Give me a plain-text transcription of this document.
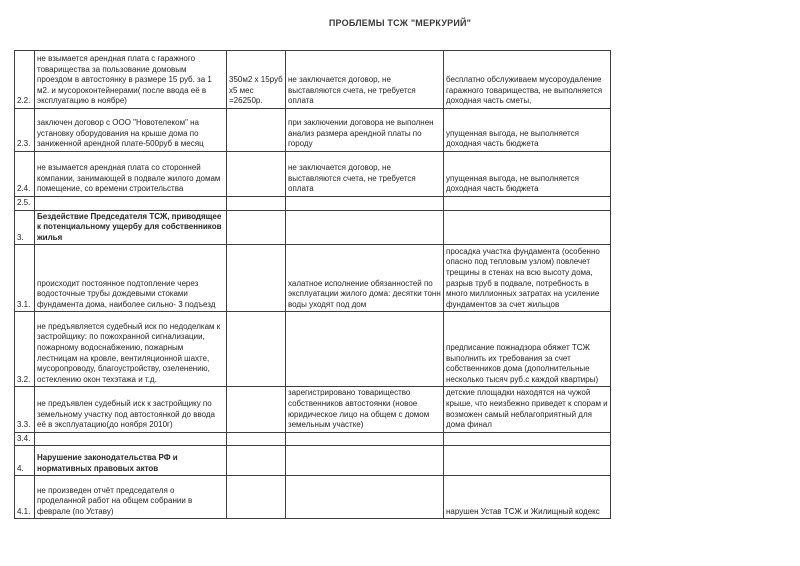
ПРОБЛЕМЫ ТСЖ "МЕРКУРИЙ"
2.2.	не взымается арендная плата с гаражного товарищества за пользование домовым проездом в автостоянку в размере 15 руб. за 1 м2. и мусороконтейнерами( после ввода её в эксплуатацию в ноябре)	350м2 х 15руб х5 мес =26250р.	не заключается договор, не выставляются счета, не требуется оплата	бесплатно обслуживаем мусороудаление гаражного товарищества, не выполняется доходная часть сметы,
2.3.	заключен договор с ООО "Новотелеком" на установку оборудования на крыше дома по заниженной арендной плате-500руб в месяц		при заключении договора не выполнен анализ размера арендной платы по городу	упущенная выгода, не выполняется доходная часть бюджета
2.4.	не взымается арендная плата со сторонней компании, занимающей в подвале жилого домам помещение, со времени строительства		не заключается договор, не выставляются счета, не требуется оплата	упущенная выгода, не выполняется доходная часть бюджета
2.5.				
3.	Бездействие Председателя ТСЖ, приводящее к потенциальному ущербу для собственников жилья			
3.1.	происходит постоянное подтопление через водосточные трубы дождевыми стоками фундамента дома, наиболее сильно- 3 подъезд		халатное исполнение обязанностей по эксплуатации жилого дома: десятки тонн воды уходят под дом	просадка участка фундамента (особенно опасно под тепловым узлом) повлечет трещины в стенах на всю высоту дома, разрыв труб в подвале, потребность в много миллионных затратах на усиление фундаментов за счет жильцов
3.2.	не предъявляется судебный иск по недоделкам к застройщику: по пожохранной сигнализации, пожарному водоснабжению, пожарным лестницам на кровле, вентиляционной шахте, мусоропроводу, благоустройству, озеленению, остеклению окон техэтажа и т.д.			предписание пожнадзора обяжет ТСЖ выполнить их требования за счет собственников дома (дополнительные несколько тысяч руб.с каждой квартиры)
3.3.	не предъявлен судебный иск к застройщику по земельному участку под автостоянкой до ввода её в эксплуатацию(до ноября 2010г)		зарегистрировано товарищество собственников автостоянки (новое юридическое лицо на общем с домом земельным участке)	детские площадки находятся на чужой крыше, что неизбежно приведет к спорам и возможен самый неблагоприятный для дома финал
3.4.				
4.	Нарушение законодательства РФ и нормативных правовых актов			
4.1.	не произведен отчёт председателя о проделанной работ на общем собрании в феврале (по Уставу)			нарушен Устав ТСЖ и Жилищный кодекс
